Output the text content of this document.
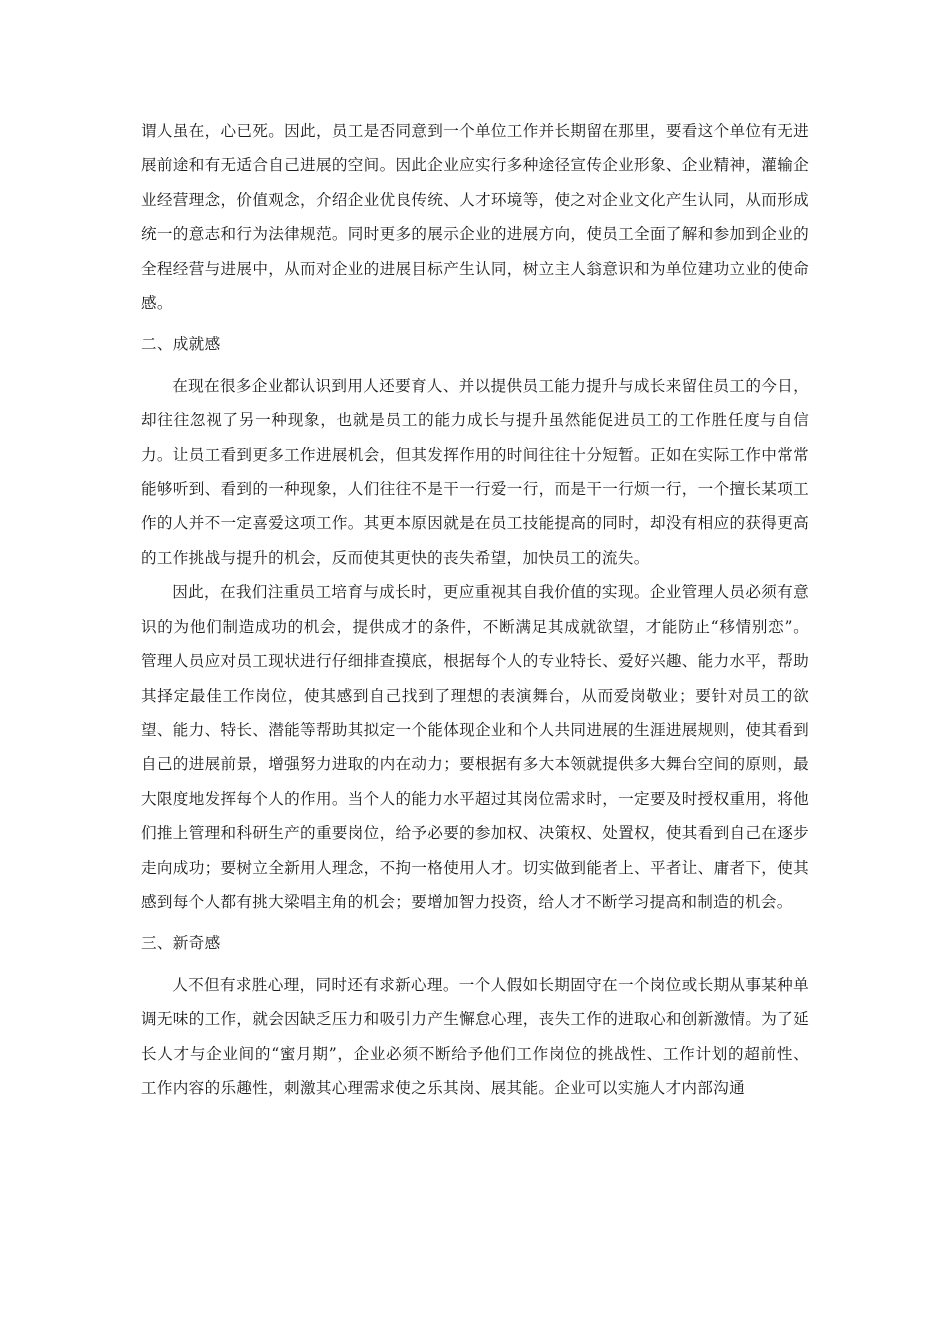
谓人虽在，心已死。因此，员工是否同意到一个单位工作并长期留在那里，要看这个单位有无进展前途和有无适合自己进展的空间。因此企业应实行多种途径宣传企业形象、企业精神，灌输企业经营理念，价值观念，介绍企业优良传统、人才环境等，使之对企业文化产生认同，从而形成统一的意志和行为法律规范。同时更多的展示企业的进展方向，使员工全面了解和参加到企业的全程经营与进展中，从而对企业的进展目标产生认同，树立主人翁意识和为单位建功立业的使命感。

二、成就感

在现在很多企业都认识到用人还要育人、并以提供员工能力提升与成长来留住员工的今日，却往往忽视了另一种现象，也就是员工的能力成长与提升虽然能促进员工的工作胜任度与自信力。让员工看到更多工作进展机会，但其发挥作用的时间往往十分短暂。正如在实际工作中常常能够听到、看到的一种现象，人们往往不是干一行爱一行，而是干一行烦一行，一个擅长某项工作的人并不一定喜爱这项工作。其更本原因就是在员工技能提高的同时，却没有相应的获得更高的工作挑战与提升的机会，反而使其更快的丧失希望，加快员工的流失。

因此，在我们注重员工培育与成长时，更应重视其自我价值的实现。企业管理人员必须有意识的为他们制造成功的机会，提供成才的条件，不断满足其成就欲望，才能防止“移情别恋”。管理人员应对员工现状进行仔细排查摸底，根据每个人的专业特长、爱好兴趣、能力水平，帮助其择定最佳工作岗位，使其感到自己找到了理想的表演舞台，从而爱岗敬业；要针对员工的欲望、能力、特长、潜能等帮助其拟定一个能体现企业和个人共同进展的生涯进展规则，使其看到自己的进展前景，增强努力进取的内在动力；要根据有多大本领就提供多大舞台空间的原则，最大限度地发挥每个人的作用。当个人的能力水平超过其岗位需求时，一定要及时授权重用，将他们推上管理和科研生产的重要岗位，给予必要的参加权、决策权、处置权，使其看到自己在逐步走向成功；要树立全新用人理念，不拘一格使用人才。切实做到能者上、平者让、庸者下，使其感到每个人都有挑大梁唱主角的机会；要增加智力投资，给人才不断学习提高和制造的机会。

三、新奇感

人不但有求胜心理，同时还有求新心理。一个人假如长期固守在一个岗位或长期从事某种单调无味的工作，就会因缺乏压力和吸引力产生懈怠心理，丧失工作的进取心和创新激情。为了延长人才与企业间的“蜜月期”，企业必须不断给予他们工作岗位的挑战性、工作计划的超前性、工作内容的乐趣性，刺激其心理需求使之乐其岗、展其能。企业可以实施人才内部沟通
